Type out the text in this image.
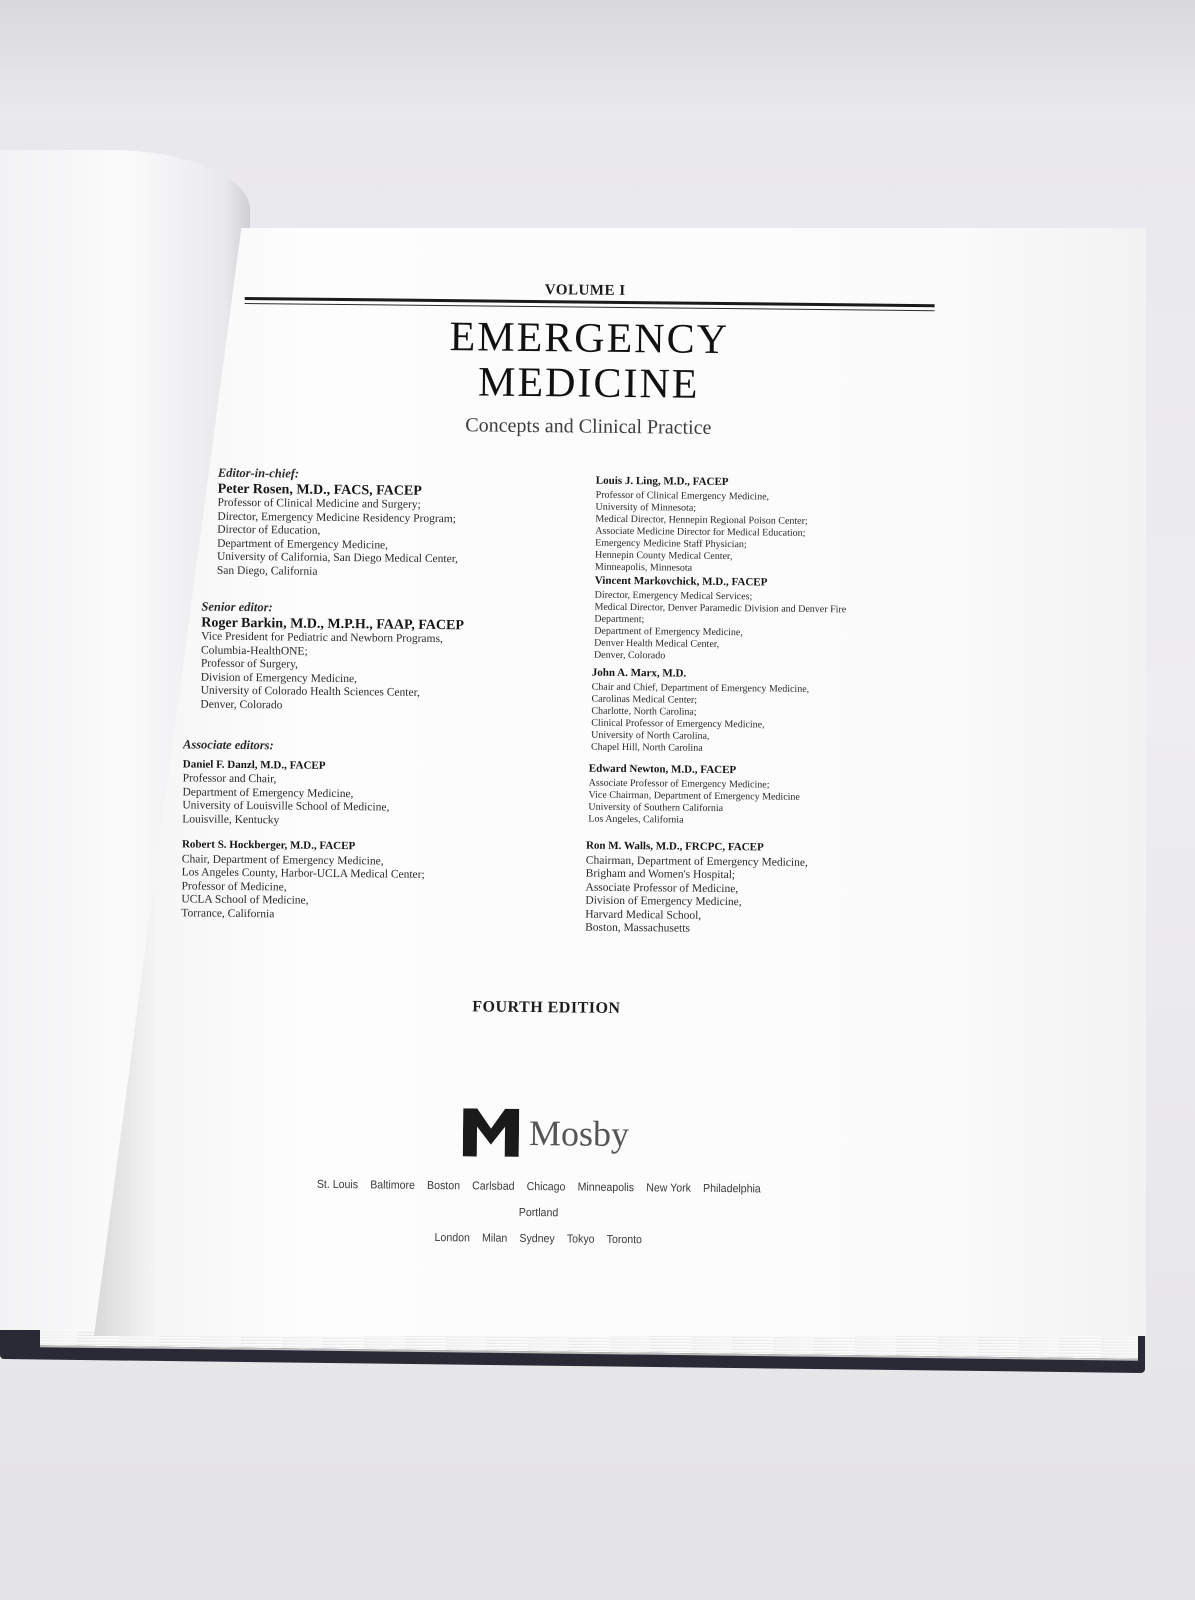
VOLUME I
EMERGENCY
MEDICINE
Concepts and Clinical Practice
Editor-in-chief:
Peter Rosen, M.D., FACS, FACEP
Professor of Clinical Medicine and Surgery;
Director, Emergency Medicine Residency Program;
Director of Education,
Department of Emergency Medicine,
University of California, San Diego Medical Center,
San Diego, California
Senior editor:
Roger Barkin, M.D., M.P.H., FAAP, FACEP
Vice President for Pediatric and Newborn Programs,
Columbia-HealthONE;
Professor of Surgery,
Division of Emergency Medicine,
University of Colorado Health Sciences Center,
Denver, Colorado
Associate editors:
Daniel F. Danzl, M.D., FACEP
Professor and Chair,
Department of Emergency Medicine,
University of Louisville School of Medicine,
Louisville, Kentucky
Robert S. Hockberger, M.D., FACEP
Chair, Department of Emergency Medicine,
Los Angeles County, Harbor-UCLA Medical Center;
Professor of Medicine,
UCLA School of Medicine,
Torrance, California
Louis J. Ling, M.D., FACEP
Professor of Clinical Emergency Medicine,
University of Minnesota;
Medical Director, Hennepin Regional Poison Center;
Associate Medicine Director for Medical Education;
Emergency Medicine Staff Physician;
Hennepin County Medical Center,
Minneapolis, Minnesota
Vincent Markovchick, M.D., FACEP
Director, Emergency Medical Services;
Medical Director, Denver Paramedic Division and Denver Fire
Department;
Department of Emergency Medicine,
Denver Health Medical Center,
Denver, Colorado
John A. Marx, M.D.
Chair and Chief, Department of Emergency Medicine,
Carolinas Medical Center;
Charlotte, North Carolina;
Clinical Professor of Emergency Medicine,
University of North Carolina,
Chapel Hill, North Carolina
Edward Newton, M.D., FACEP
Associate Professor of Emergency Medicine;
Vice Chairman, Department of Emergency Medicine
University of Southern California
Los Angeles, California
Ron M. Walls, M.D., FRCPC, FACEP
Chairman, Department of Emergency Medicine,
Brigham and Women's Hospital;
Associate Professor of Medicine,
Division of Emergency Medicine,
Harvard Medical School,
Boston, Massachusetts
FOURTH EDITION
Mosby
St. Louis Baltimore Boston Carlsbad Chicago Minneapolis New York Philadelphia Portland
London Milan Sydney Tokyo Toronto
